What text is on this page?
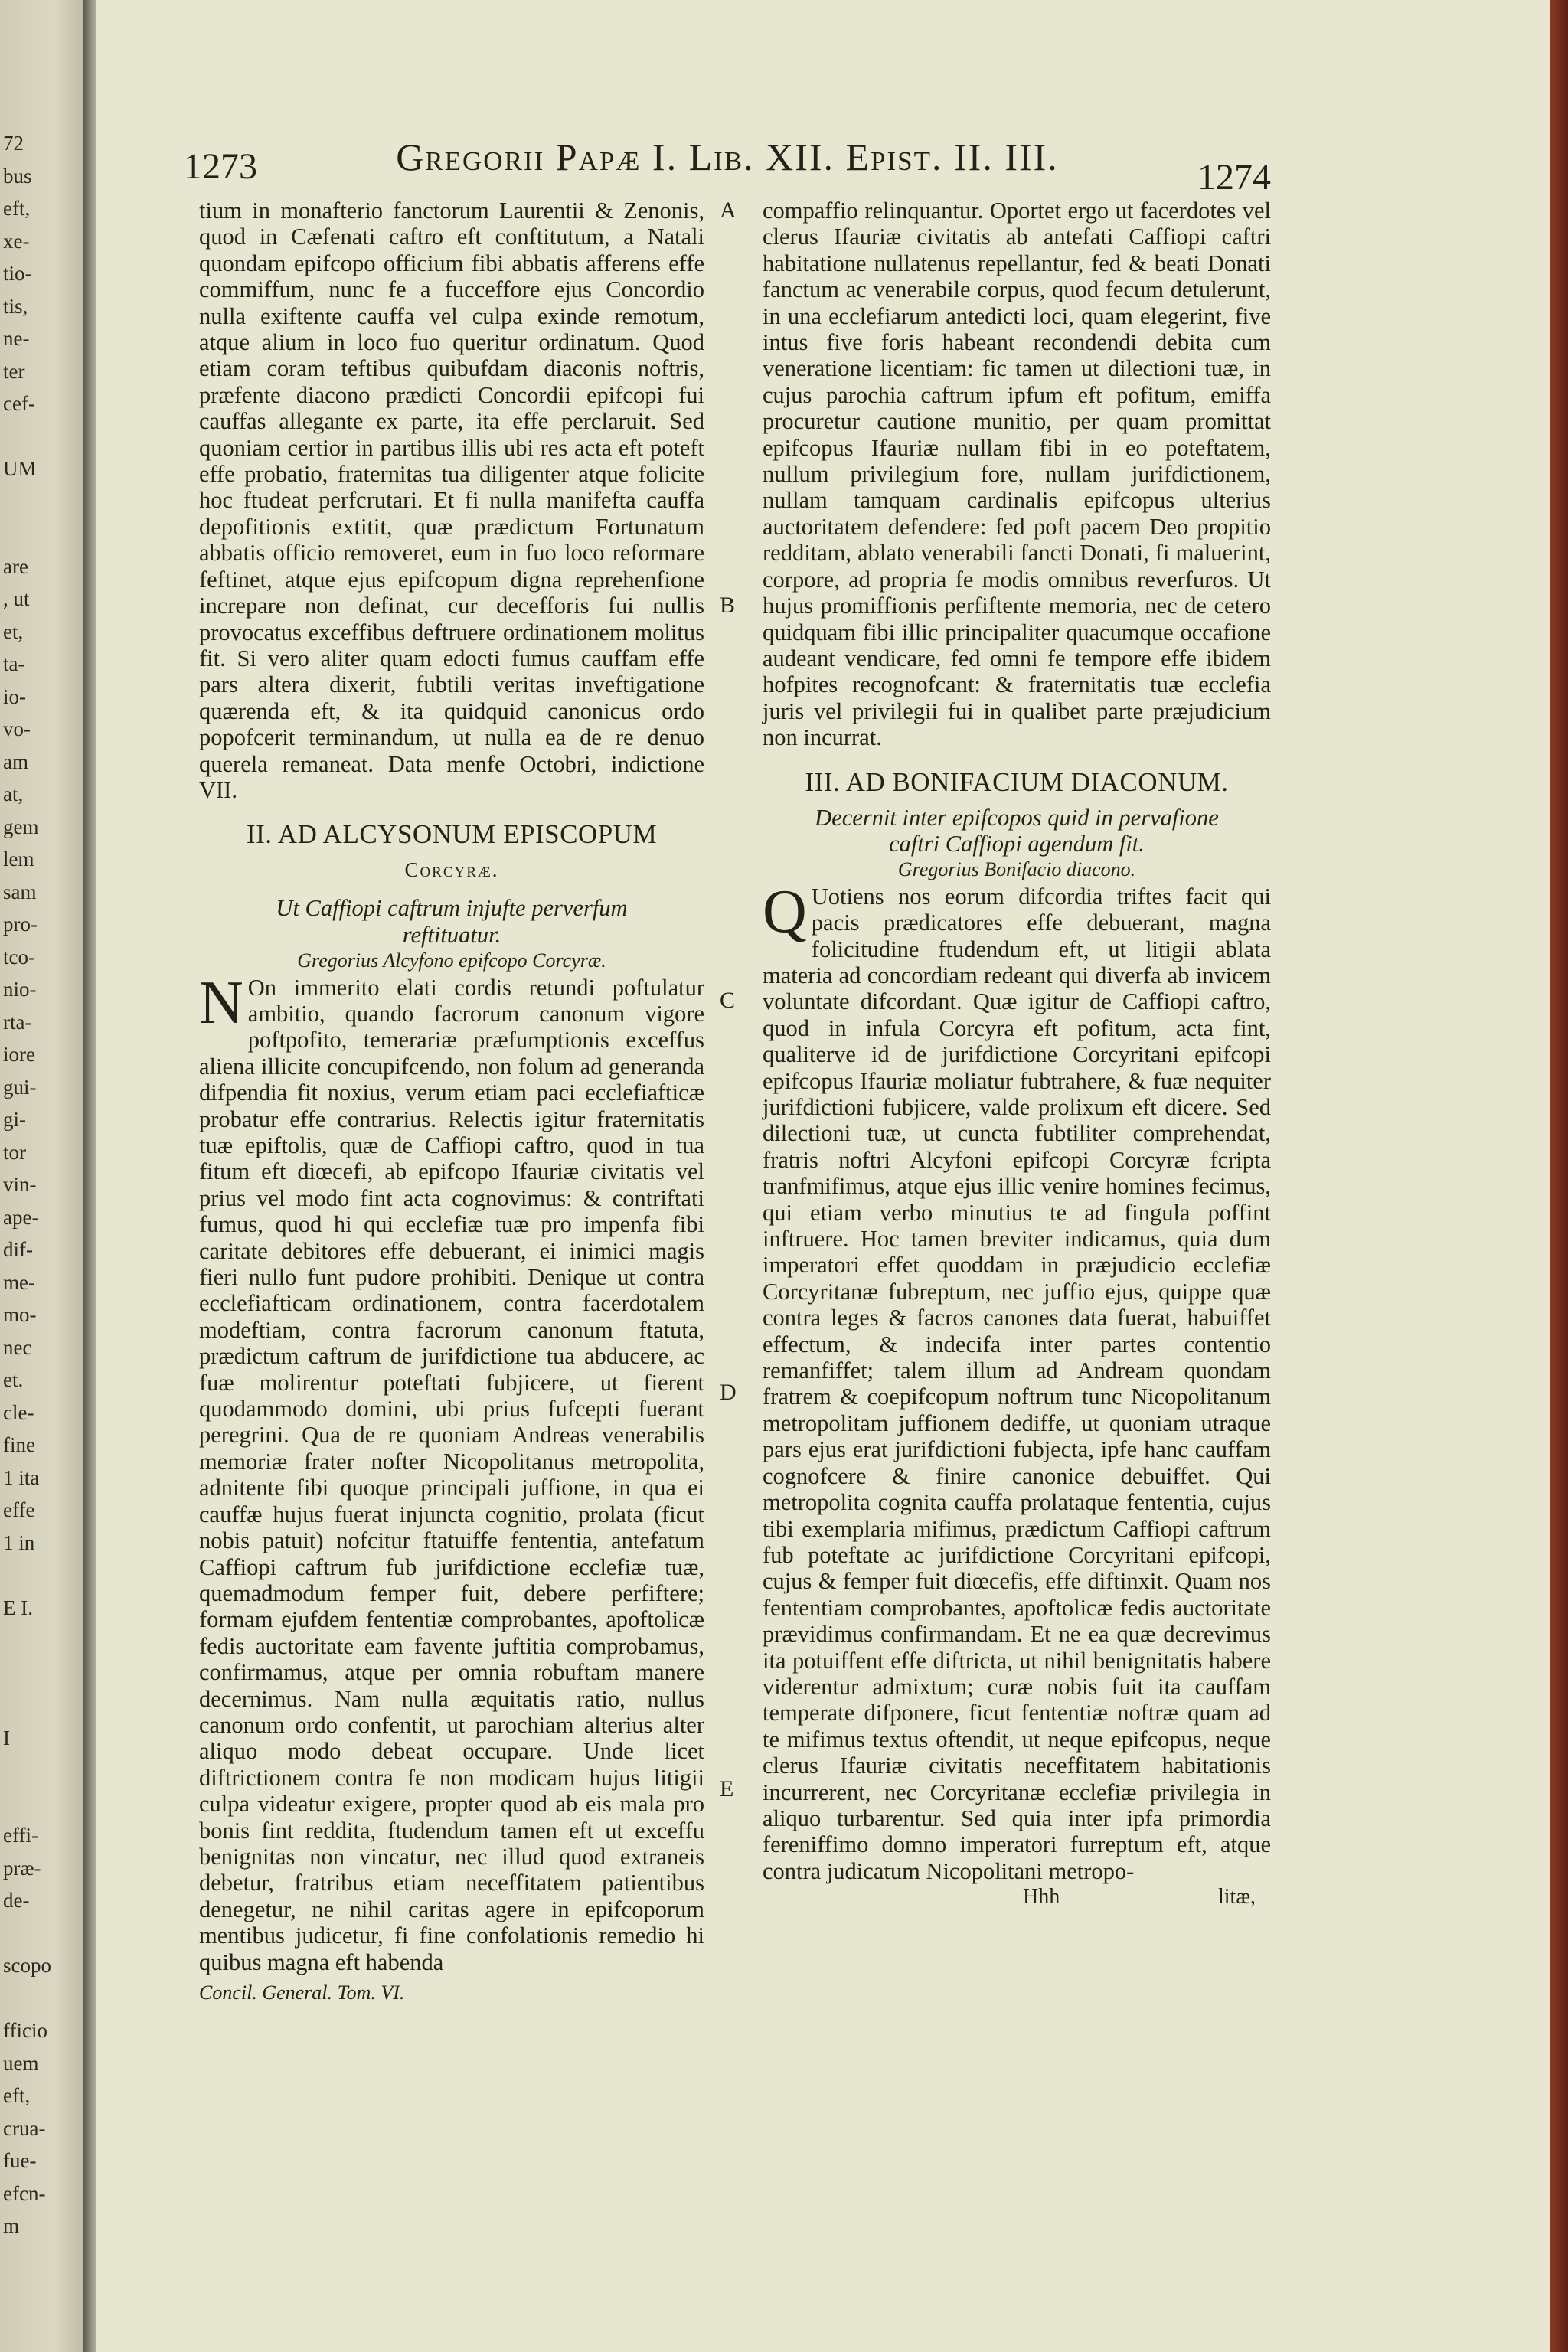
72
bus
eft,
xe-
tio-
tis,
ne-
ter
cef-
UM
are
, ut
et,
ta-
io-
vo-
am
at,
gem
lem
sam
pro-
tco-
nio-
rta-
iore
gui-
gi-
tor
vin-
ape-
dif-
me-
mo-
nec
et.
cle-
fine
1 ita
effe
1 in
E I.
I
effi-
præ-
de-
scopo
fficio
uem
eft,
crua-
fue-
efcn-
m
1273	Gregorii Papæ I. Lib. XII. Epist. II. III.	1274
A
B
C
D
E

tium in monafterio fanctorum Laurentii & Zenonis, quod in Cæfenati caftro eft conftitutum, a Natali quondam epifcopo officium fibi abbatis afferens effe commiffum, nunc fe a fucceffore ejus Concordio nulla exiftente cauffa vel culpa exinde remotum, atque alium in loco fuo queritur ordinatum. Quod etiam coram teftibus quibufdam diaconis noftris, præfente diacono prædicti Concordii epifcopi fui cauffas allegante ex parte, ita effe perclaruit. Sed quoniam certior in partibus illis ubi res acta eft poteft effe probatio, fraternitas tua diligenter atque folicite hoc ftudeat perfcrutari. Et fi nulla manifefta cauffa depofitionis extitit, quæ prædictum Fortunatum abbatis officio removeret, eum in fuo loco reformare feftinet, atque ejus epifcopum digna reprehenfione increpare non definat, cur decefforis fui nullis provocatus exceffibus deftruere ordinationem molitus fit. Si vero aliter quam edocti fumus cauffam effe pars altera dixerit, fubtili veritas inveftigatione quærenda eft, & ita quidquid canonicus ordo popofcerit terminandum, ut nulla ea de re denuo querela remaneat. Data menfe Octobri, indictione VII.

II. AD ALCYSONUM EPISCOPUM
Corcyræ.

Ut Caffiopi caftrum injufte perverfum reftituatur.

Gregorius Alcyfono epifcopo Corcyræ.

N On immerito elati cordis retundi poftulatur ambitio, quando facrorum canonum vigore poftpofito, temerariæ præfumptionis exceffus aliena illicite concupifcendo, non folum ad generanda difpendia fit noxius, verum etiam paci ecclefiafticæ probatur effe contrarius. Relectis igitur fraternitatis tuæ epiftolis, quæ de Caffiopi caftro, quod in tua fitum eft diœcefi, ab epifcopo Ifauriæ civitatis vel prius vel modo fint acta cognovimus: & contriftati fumus, quod hi qui ecclefiæ tuæ pro impenfa fibi caritate debitores effe debuerant, ei inimici magis fieri nullo funt pudore prohibiti. Denique ut contra ecclefiafticam ordinationem, contra facerdotalem modeftiam, contra facrorum canonum ftatuta, prædictum caftrum de jurifdictione tua abducere, ac fuæ molirentur poteftati fubjicere, ut fierent quodammodo domini, ubi prius fufcepti fuerant peregrini. Qua de re quoniam Andreas venerabilis memoriæ frater nofter Nicopolitanus metropolita, adnitente fibi quoque principali juffione, in qua ei cauffæ hujus fuerat injuncta cognitio, prolata (ficut nobis patuit) nofcitur ftatuiffe fententia, antefatum Caffiopi caftrum fub jurifdictione ecclefiæ tuæ, quemadmodum femper fuit, debere perfiftere; formam ejufdem fententiæ comprobantes, apoftolicæ fedis auctoritate eam favente juftitia comprobamus, confirmamus, atque per omnia robuftam manere decernimus. Nam nulla æquitatis ratio, nullus canonum ordo confentit, ut parochiam alterius alter aliquo modo debeat occupare. Unde licet diftrictionem contra fe non modicam hujus litigii culpa videatur exigere, propter quod ab eis mala pro bonis fint reddita, ftudendum tamen eft ut exceffu benignitas non vincatur, nec illud quod extraneis debetur, fratribus etiam neceffitatem patientibus denegetur, ne nihil caritas agere in epifcoporum mentibus judicetur, fi fine confolationis remedio hi quibus magna eft habenda

Concil. General. Tom. VI.

compaffio relinquantur. Oportet ergo ut facerdotes vel clerus Ifauriæ civitatis ab antefati Caffiopi caftri habitatione nullatenus repellantur, fed & beati Donati fanctum ac venerabile corpus, quod fecum detulerunt, in una ecclefiarum antedicti loci, quam elegerint, five intus five foris habeant recondendi debita cum veneratione licentiam: fic tamen ut dilectioni tuæ, in cujus parochia caftrum ipfum eft pofitum, emiffa procuretur cautione munitio, per quam promittat epifcopus Ifauriæ nullam fibi in eo poteftatem, nullum privilegium fore, nullam jurifdictionem, nullam tamquam cardinalis epifcopus ulterius auctoritatem defendere: fed poft pacem Deo propitio redditam, ablato venerabili fancti Donati, fi maluerint, corpore, ad propria fe modis omnibus reverfuros. Ut hujus promiffionis perfiftente memoria, nec de cetero quidquam fibi illic principaliter quacumque occafione audeant vendicare, fed omni fe tempore effe ibidem hofpites recognofcant: & fraternitatis tuæ ecclefia juris vel privilegii fui in qualibet parte præjudicium non incurrat.

III. AD BONIFACIUM DIACONUM.

Decernit inter epifcopos quid in pervafione caftri Caffiopi agendum fit.

Gregorius Bonifacio diacono.

Q Uotiens nos eorum difcordia triftes facit qui pacis prædicatores effe debuerant, magna folicitudine ftudendum eft, ut litigii ablata materia ad concordiam redeant qui diverfa ab invicem voluntate difcordant. Quæ igitur de Caffiopi caftro, quod in infula Corcyra eft pofitum, acta fint, qualiterve id de jurifdictione Corcyritani epifcopi epifcopus Ifauriæ moliatur fubtrahere, & fuæ nequiter jurifdictioni fubjicere, valde prolixum eft dicere. Sed dilectioni tuæ, ut cuncta fubtiliter comprehendat, fratris noftri Alcyfoni epifcopi Corcyræ fcripta tranfmifimus, atque ejus illic venire homines fecimus, qui etiam verbo minutius te ad fingula poffint inftruere. Hoc tamen breviter indicamus, quia dum imperatori effet quoddam in præjudicio ecclefiæ Corcyritanæ fubreptum, nec juffio ejus, quippe quæ contra leges & facros canones data fuerat, habuiffet effectum, & indecifa inter partes contentio remanfiffet; talem illum ad Andream quondam fratrem & coepifcopum noftrum tunc Nicopolitanum metropolitam juffionem dediffe, ut quoniam utraque pars ejus erat jurifdictioni fubjecta, ipfe hanc cauffam cognofcere & finire canonice debuiffet. Qui metropolita cognita cauffa prolataque fententia, cujus tibi exemplaria mifimus, prædictum Caffiopi caftrum fub poteftate ac jurifdictione Corcyritani epifcopi, cujus & femper fuit diœcefis, effe diftinxit. Quam nos fententiam comprobantes, apoftolicæ fedis auctoritate prævidimus confirmandam. Et ne ea quæ decrevimus ita potuiffent effe diftricta, ut nihil benignitatis habere viderentur admixtum; curæ nobis fuit ita cauffam temperate difponere, ficut fententiæ noftræ quam ad te mifimus textus oftendit, ut neque epifcopus, neque clerus Ifauriæ civitatis neceffitatem habitationis incurrerent, nec Corcyritanæ ecclefiæ privilegia in aliquo turbarentur. Sed quia inter ipfa primordia fereniffimo domno imperatori furreptum eft, atque contra judicatum Nicopolitani metropo-

Hhh	litæ,
